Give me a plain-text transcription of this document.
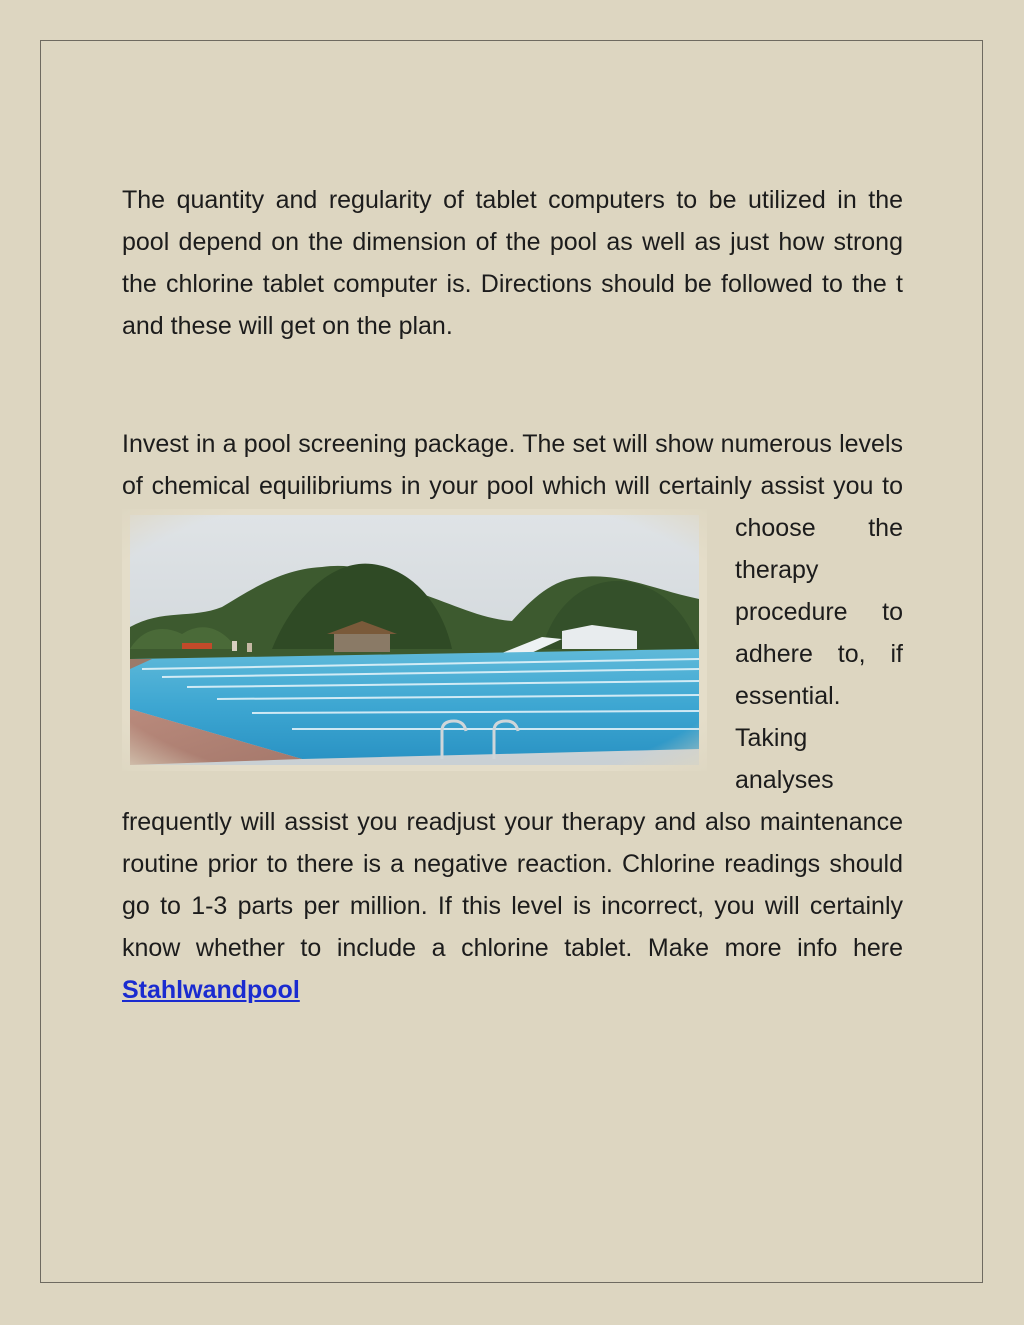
The quantity and regularity of tablet computers to be utilized in the pool depend on the dimension of the pool as well as just how strong the chlorine tablet computer is. Directions should be followed to the t and these will get on the plan.

Invest in a pool screening package. The set will show numerous levels of chemical equilibriums in your pool which will certainly assist you to choose the therapy procedure to adhere to, if essential. Taking analyses frequently will assist you readjust your therapy and also maintenance routine prior to there is a negative reaction. Chlorine readings should go to 1-3 parts per million. If this level is incorrect, you will certainly know whether to include a chlorine tablet. Make more info here Stahlwandpool
